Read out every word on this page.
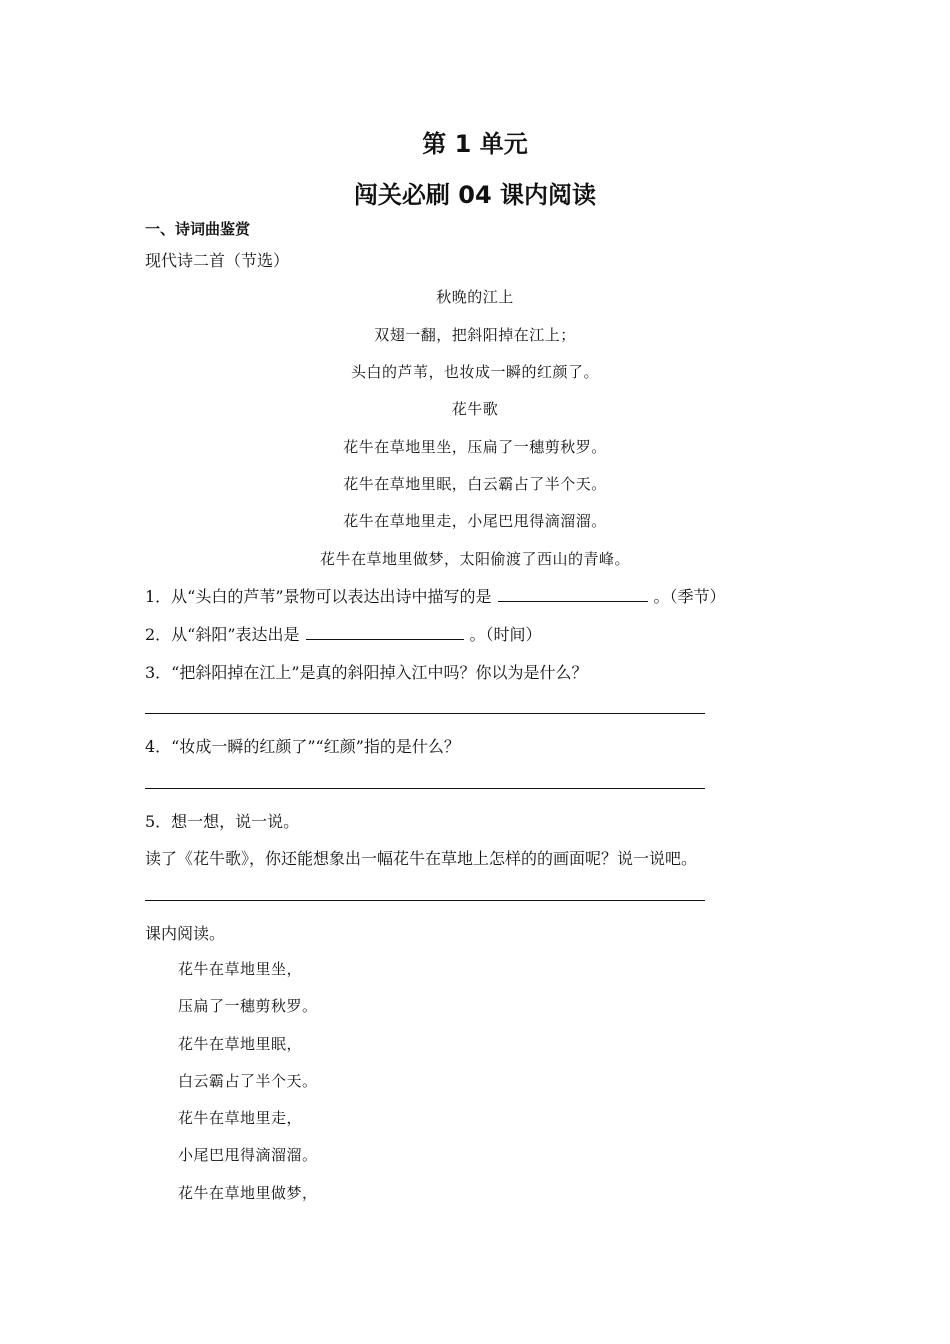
第 1 单元
闯关必刷 04 课内阅读
一、诗词曲鉴赏
现代诗二首（节选）
秋晚的江上
双翅一翻，把斜阳掉在江上；
头白的芦苇，也妆成一瞬的红颜了。
花牛歌
花牛在草地里坐，压扁了一穗剪秋罗。
花牛在草地里眠，白云霸占了半个天。
花牛在草地里走，小尾巴甩得滴溜溜。
花牛在草地里做梦，太阳偷渡了西山的青峰。
1．从“头白的芦苇”景物可以表达出诗中描写的是	。（季节）
2．从“斜阳”表达出是	。（时间）
3．“把斜阳掉在江上”是真的斜阳掉入江中吗？你以为是什么？
4．“妆成一瞬的红颜了”“红颜”指的是什么？
5．想一想，说一说。
读了《花牛歌》，你还能想象出一幅花牛在草地上怎样的的画面呢？说一说吧。
课内阅读。
花牛在草地里坐，
压扁了一穗剪秋罗。
花牛在草地里眠，
白云霸占了半个天。
花牛在草地里走，
小尾巴甩得滴溜溜。
花牛在草地里做梦，
